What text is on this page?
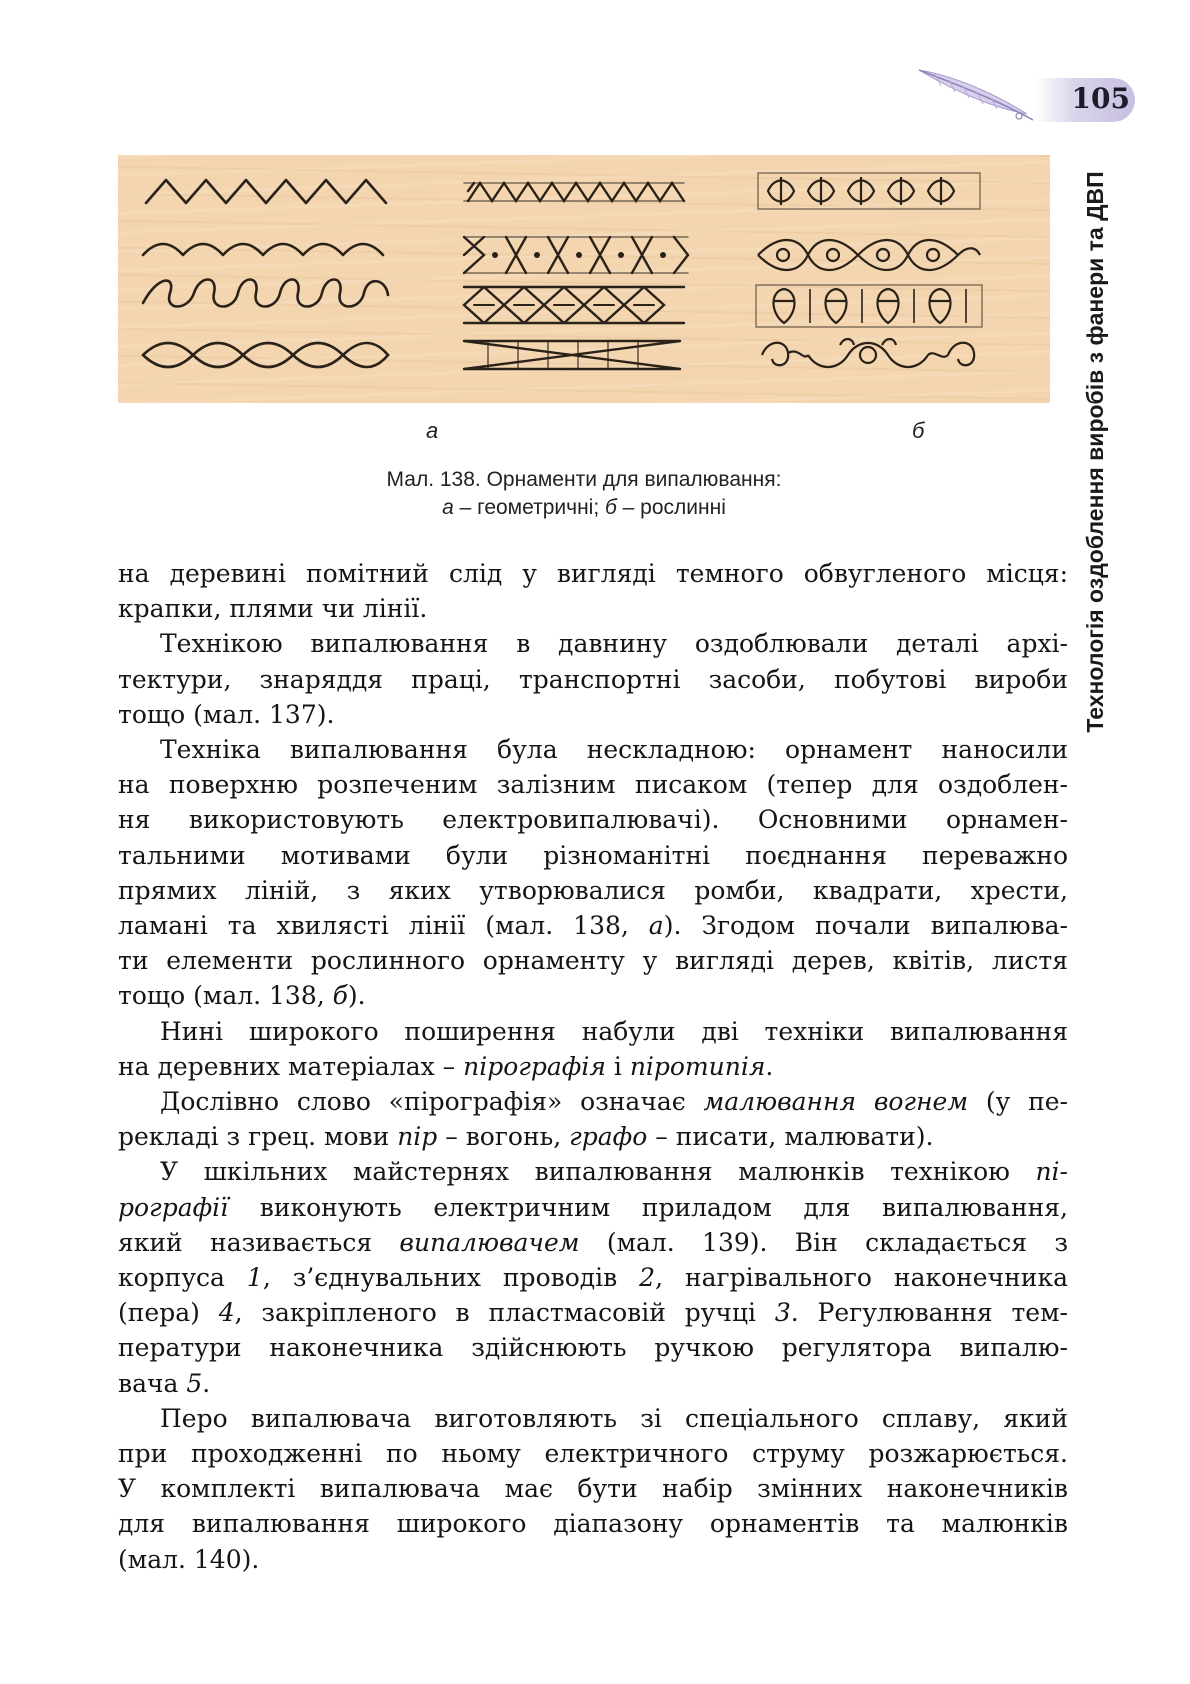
105
Технологія оздоблення виробів з фанери та ДВП
а	б
Мал. 138. Орнаменти для випалювання:
а – геометричні; б – рослинні

на деревині помітний слід у вигляді темного обвугленого місця:
крапки, плями чи лінії.

Технікою випалювання в давнину оздоблювали деталі архі-
тектури, знаряддя праці, транспортні засоби, побутові вироби
тощо (мал. 137).

Техніка випалювання була нескладною: орнамент наносили
на поверхню розпеченим залізним писаком (тепер для оздоблен-
ня використовують електровипалювачі). Основними орнамен-
тальними мотивами були різноманітні поєднання переважно
прямих ліній, з яких утворювалися ромби, квадрати, хрести,
ламані та хвилясті лінії (мал. 138, а). Згодом почали випалюва-
ти елементи рослинного орнаменту у вигляді дерев, квітів, листя
тощо (мал. 138, б).

Нині широкого поширення набули дві техніки випалювання
на деревних матеріалах – пірографія і піротипія.

Дослівно слово «пірографія» означає малювання вогнем (у пе-
рекладі з грец. мови пір – вогонь, графо – писати, малювати).

У шкільних майстернях випалювання малюнків технікою пі-
рографії виконують електричним приладом для випалювання,
який називається випалювачем (мал. 139). Він складається з
корпуса 1, з’єднувальних проводів 2, нагрівального наконечника
(пера) 4, закріпленого в пластмасовій ручці 3. Регулювання тем-
ператури наконечника здійснюють ручкою регулятора випалю-
вача 5.

Перо випалювача виготовляють зі спеціального сплаву, який
при проходженні по ньому електричного струму розжарюється.
У комплекті випалювача має бути набір змінних наконечників
для випалювання широкого діапазону орнаментів та малюнків
(мал. 140).
